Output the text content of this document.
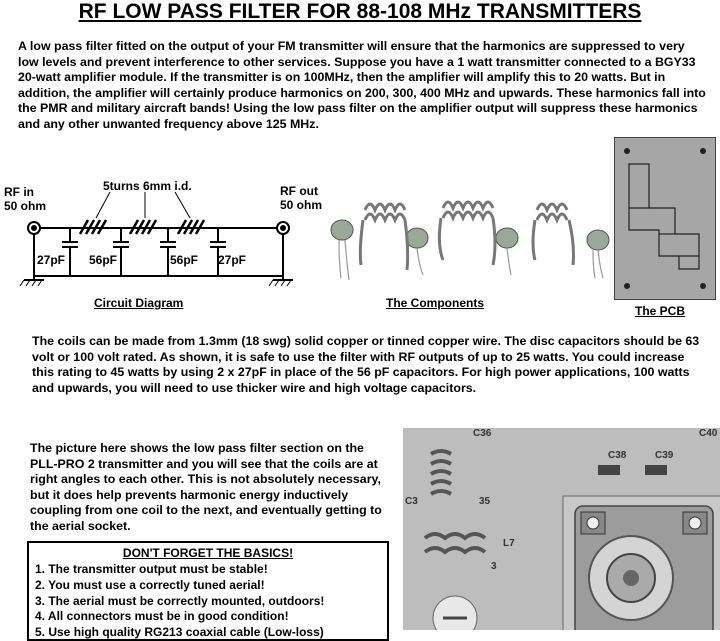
RF LOW PASS FILTER FOR 88-108 MHz TRANSMITTERS
A low pass filter fitted on the output of your FM transmitter will ensure that the harmonics are suppressed to very low levels and prevent interference to other services. Suppose you have a 1 watt transmitter connected to a BGY33 20-watt amplifier module. If the transmitter is on 100MHz, then the amplifier will amplify this to 20 watts. But in addition, the amplifier will certainly produce harmonics on 200, 300, 400 MHz and upwards. These harmonics fall into the PMR and military aircraft bands! Using the low pass filter on the amplifier output will suppress these harmonics and any other unwanted frequency above 125 MHz.
RF in
50 ohm
RF out
50 ohm
5turns 6mm i.d.
27pF 56pF	56pF 27pF
Circuit Diagram	The Components
The PCB
The coils can be made from 1.3mm (18 swg) solid copper or tinned copper wire. The disc capacitors should be 63 volt or 100 volt rated. As shown, it is safe to use the filter with RF outputs of up to 25 watts. You could increase this rating to 45 watts by using 2 x 27pF in place of the 56 pF capacitors. For high power applications, 100 watts and upwards, you will need to use thicker wire and high voltage capacitors.
The picture here shows the low pass filter section on the PLL-PRO 2 transmitter and you will see that the coils are at right angles to each other. This is not absolutely necessary, but it does help prevents harmonic energy inductively coupling from one coil to the next, and eventually getting to the aerial socket.
DON'T FORGET THE BASICS!
1. The transmitter output must be stable!
2. You must use a correctly tuned aerial!
3. The aerial must be correctly mounted, outdoors!
4. All connectors must be in good condition!
5. Use high quality RG213 coaxial cable (Low-loss)
C36
C38	C39
C40
C3	35
L7
3
